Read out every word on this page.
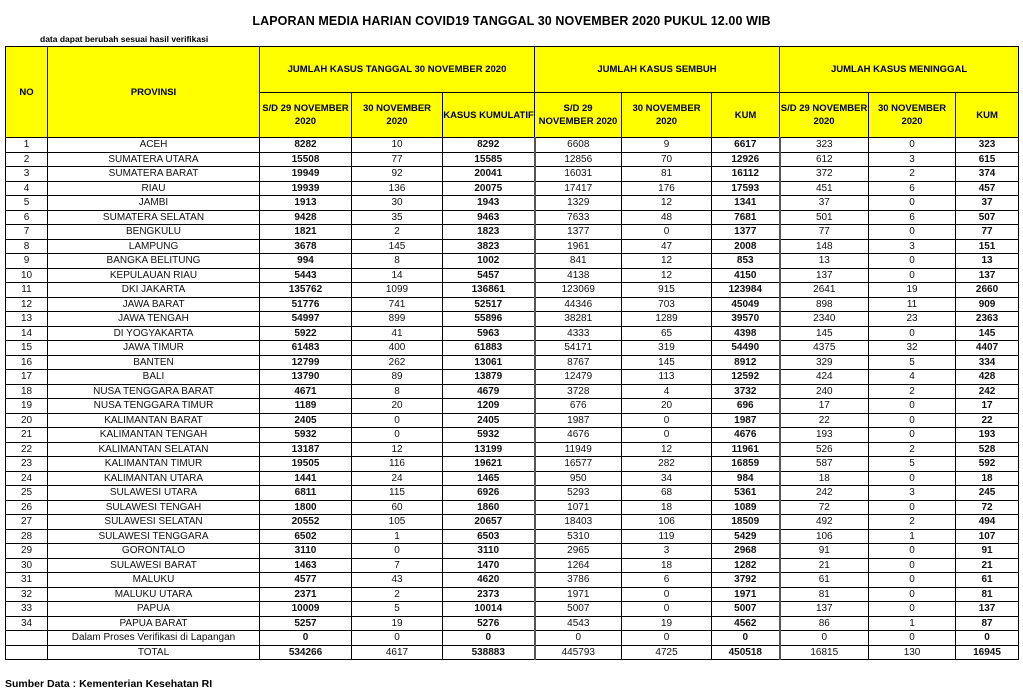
LAPORAN MEDIA HARIAN COVID19 TANGGAL 30 NOVEMBER 2020 PUKUL 12.00 WIB
data dapat berubah sesuai hasil verifikasi
NO	PROVINSI	JUMLAH KASUS TANGGAL 30 NOVEMBER 2020			JUMLAH KASUS SEMBUH			JUMLAH KASUS MENINGGAL		
		S/D 29 NOVEMBER 2020	30 NOVEMBER 2020	KASUS KUMULATIF	S/D 29 NOVEMBER 2020	30 NOVEMBER 2020	KUM	S/D 29 NOVEMBER 2020	30 NOVEMBER 2020	KUM
1	ACEH	8282	10	8292	6608	9	6617	323	0	323
2	SUMATERA UTARA	15508	77	15585	12856	70	12926	612	3	615
3	SUMATERA BARAT	19949	92	20041	16031	81	16112	372	2	374
4	RIAU	19939	136	20075	17417	176	17593	451	6	457
5	JAMBI	1913	30	1943	1329	12	1341	37	0	37
6	SUMATERA SELATAN	9428	35	9463	7633	48	7681	501	6	507
7	BENGKULU	1821	2	1823	1377	0	1377	77	0	77
8	LAMPUNG	3678	145	3823	1961	47	2008	148	3	151
9	BANGKA BELITUNG	994	8	1002	841	12	853	13	0	13
10	KEPULAUAN RIAU	5443	14	5457	4138	12	4150	137	0	137
11	DKI JAKARTA	135762	1099	136861	123069	915	123984	2641	19	2660
12	JAWA BARAT	51776	741	52517	44346	703	45049	898	11	909
13	JAWA TENGAH	54997	899	55896	38281	1289	39570	2340	23	2363
14	DI YOGYAKARTA	5922	41	5963	4333	65	4398	145	0	145
15	JAWA TIMUR	61483	400	61883	54171	319	54490	4375	32	4407
16	BANTEN	12799	262	13061	8767	145	8912	329	5	334
17	BALI	13790	89	13879	12479	113	12592	424	4	428
18	NUSA TENGGARA BARAT	4671	8	4679	3728	4	3732	240	2	242
19	NUSA TENGGARA TIMUR	1189	20	1209	676	20	696	17	0	17
20	KALIMANTAN BARAT	2405	0	2405	1987	0	1987	22	0	22
21	KALIMANTAN TENGAH	5932	0	5932	4676	0	4676	193	0	193
22	KALIMANTAN SELATAN	13187	12	13199	11949	12	11961	526	2	528
23	KALIMANTAN TIMUR	19505	116	19621	16577	282	16859	587	5	592
24	KALIMANTAN UTARA	1441	24	1465	950	34	984	18	0	18
25	SULAWESI UTARA	6811	115	6926	5293	68	5361	242	3	245
26	SULAWESI TENGAH	1800	60	1860	1071	18	1089	72	0	72
27	SULAWESI SELATAN	20552	105	20657	18403	106	18509	492	2	494
28	SULAWESI TENGGARA	6502	1	6503	5310	119	5429	106	1	107
29	GORONTALO	3110	0	3110	2965	3	2968	91	0	91
30	SULAWESI BARAT	1463	7	1470	1264	18	1282	21	0	21
31	MALUKU	4577	43	4620	3786	6	3792	61	0	61
32	MALUKU UTARA	2371	2	2373	1971	0	1971	81	0	81
33	PAPUA	10009	5	10014	5007	0	5007	137	0	137
34	PAPUA BARAT	5257	19	5276	4543	19	4562	86	1	87
	Dalam Proses Verifikasi di Lapangan	0	0	0	0	0	0	0	0	0
	TOTAL	534266	4617	538883	445793	4725	450518	16815	130	16945
Sumber Data : Kementerian Kesehatan RI
